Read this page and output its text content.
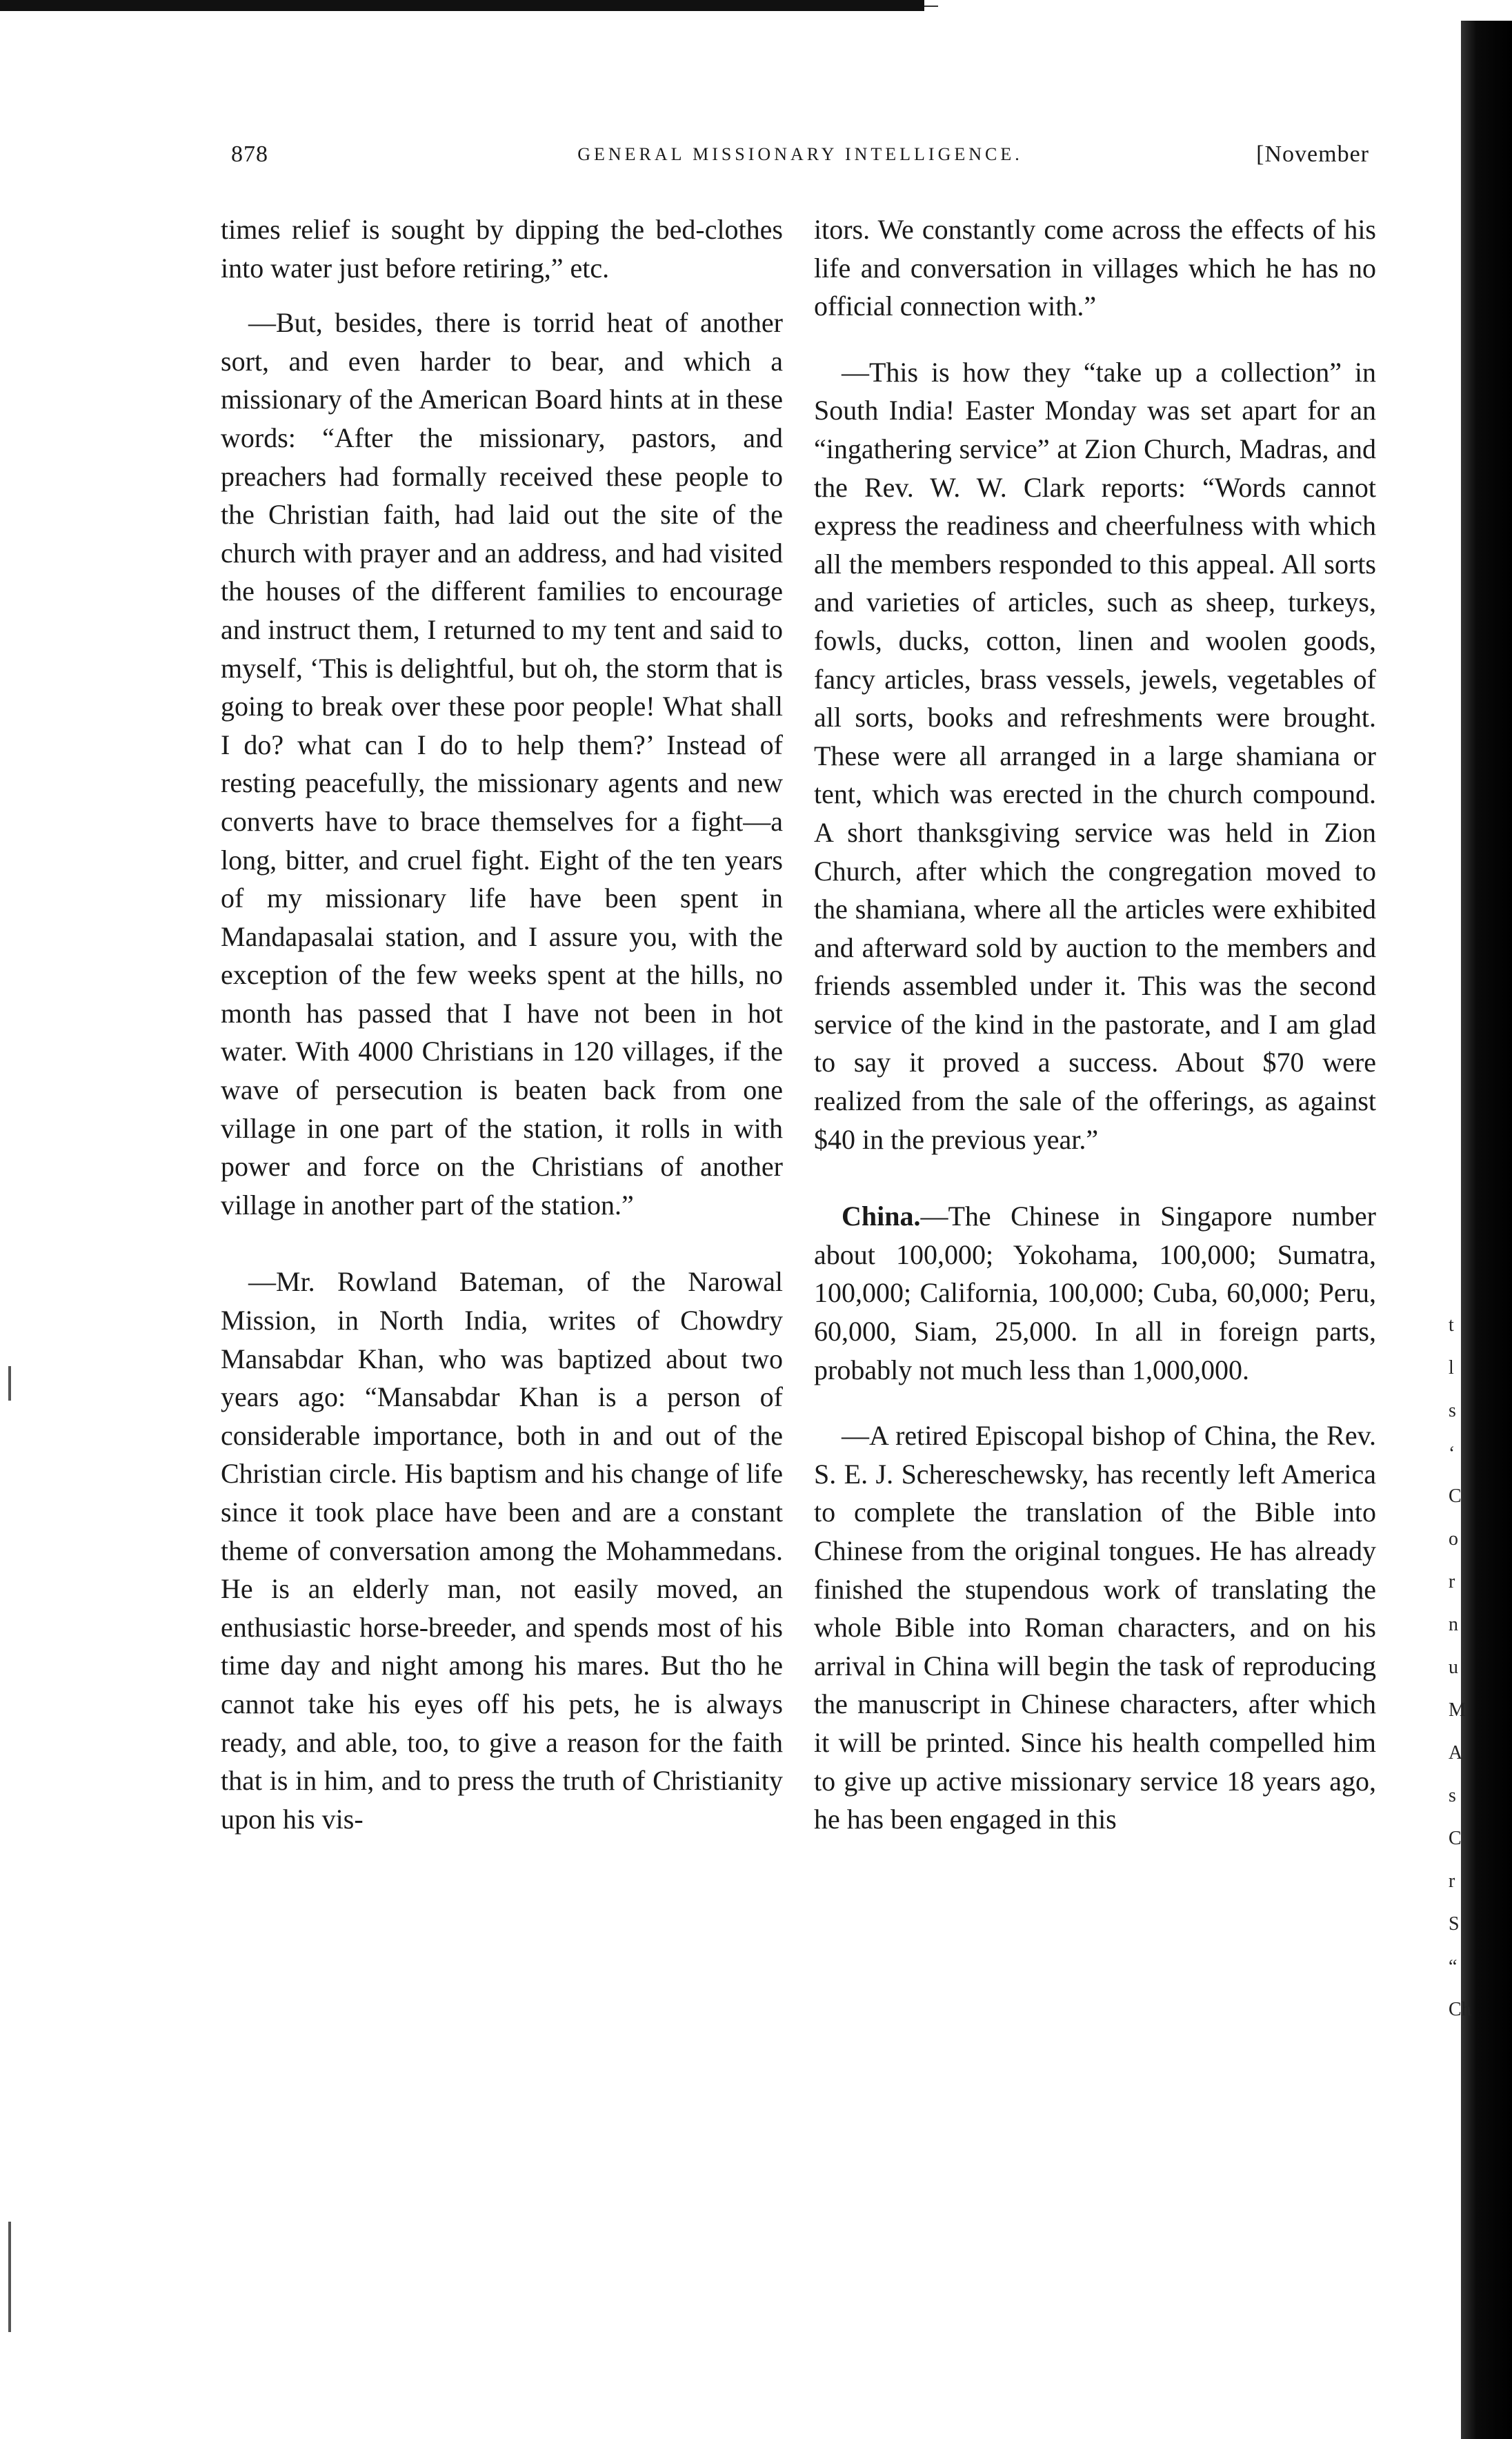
878	GENERAL MISSIONARY INTELLIGENCE.	[November

times relief is sought by dipping the bed-clothes into water just before retiring,” etc.

—But, besides, there is torrid heat of another sort, and even harder to bear, and which a missionary of the American Board hints at in these words: “After the missionary, pastors, and preachers had formally received these people to the Christian faith, had laid out the site of the church with prayer and an address, and had visited the houses of the different families to encourage and instruct them, I returned to my tent and said to myself, ‘This is delightful, but oh, the storm that is going to break over these poor people! What shall I do? what can I do to help them?’ Instead of resting peacefully, the missionary agents and new converts have to brace themselves for a fight—a long, bitter, and cruel fight. Eight of the ten years of my missionary life have been spent in Mandapasalai station, and I assure you, with the exception of the few weeks spent at the hills, no month has passed that I have not been in hot water. With 4000 Christians in 120 villages, if the wave of persecution is beaten back from one village in one part of the station, it rolls in with power and force on the Christians of another village in another part of the station.”

—Mr. Rowland Bateman, of the Narowal Mission, in North India, writes of Chowdry Mansabdar Khan, who was baptized about two years ago: “Mansabdar Khan is a person of considerable importance, both in and out of the Christian circle. His baptism and his change of life since it took place have been and are a constant theme of conversation among the Mohammedans. He is an elderly man, not easily moved, an enthusiastic horse-breeder, and spends most of his time day and night among his mares. But tho he cannot take his eyes off his pets, he is always ready, and able, too, to give a reason for the faith that is in him, and to press the truth of Christianity upon his vis-

itors. We constantly come across the effects of his life and conversation in villages which he has no official connection with.”

—This is how they “take up a collection” in South India! Easter Monday was set apart for an “ingathering service” at Zion Church, Madras, and the Rev. W. W. Clark reports: “Words cannot express the readiness and cheerfulness with which all the members responded to this appeal. All sorts and varieties of articles, such as sheep, turkeys, fowls, ducks, cotton, linen and woolen goods, fancy articles, brass vessels, jewels, vegetables of all sorts, books and refreshments were brought. These were all arranged in a large shamiana or tent, which was erected in the church compound. A short thanksgiving service was held in Zion Church, after which the congregation moved to the shamiana, where all the articles were exhibited and afterward sold by auction to the members and friends assembled under it. This was the second service of the kind in the pastorate, and I am glad to say it proved a success. About $70 were realized from the sale of the offerings, as against $40 in the previous year.”

China.—The Chinese in Singapore number about 100,000; Yokohama, 100,000; Sumatra, 100,000; California, 100,000; Cuba, 60,000; Peru, 60,000, Siam, 25,000. In all in foreign parts, probably not much less than 1,000,000.

—A retired Episcopal bishop of China, the Rev. S. E. J. Schereschewsky, has recently left America to complete the translation of the Bible into Chinese from the original tongues. He has already finished the stupendous work of translating the whole Bible into Roman characters, and on his arrival in China will begin the task of reproducing the manuscript in Chinese characters, after which it will be printed. Since his health compelled him to give up active missionary service 18 years ago, he has been engaged in this

t
l
s
‘
C
o
r
n
u
M
A
s
C
r
S
“
Ch
